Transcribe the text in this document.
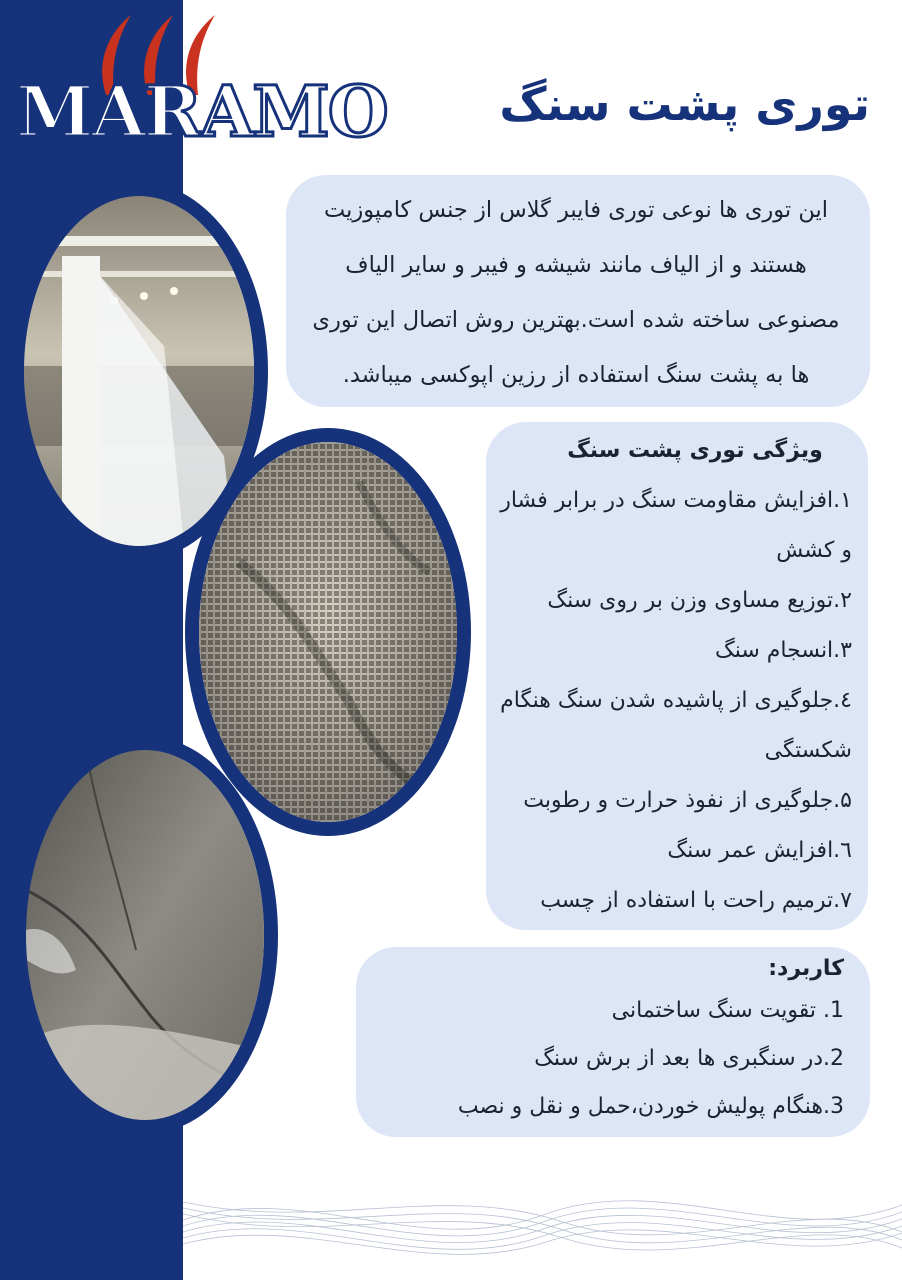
MARAMO	توری پشت سنگ
این توری ها نوعی توری فایبر گلاس از جنس کامپوزیت هستند و از الیاف مانند شیشه و فیبر و سایر الیاف مصنوعی ساخته شده است.بهترین روش اتصال این توری ها به پشت سنگ استفاده از رزین اپوکسی میباشد.
ویژگی توری پشت سنگ
۱.افزایش مقاومت سنگ در برابر فشار و کشش
۲.توزیع مساوی وزن بر روی سنگ
۳.انسجام سنگ
٤.جلوگیری از پاشیده شدن سنگ هنگام شکستگی
۵.جلوگیری از نفوذ حرارت و رطوبت
٦.افزایش عمر سنگ
۷.ترمیم راحت با استفاده از چسب
کاربرد:
1. تقویت سنگ ساختمانی
2.در سنگبری ها بعد از برش سنگ
3.هنگام پولیش خوردن،حمل و نقل و نصب
